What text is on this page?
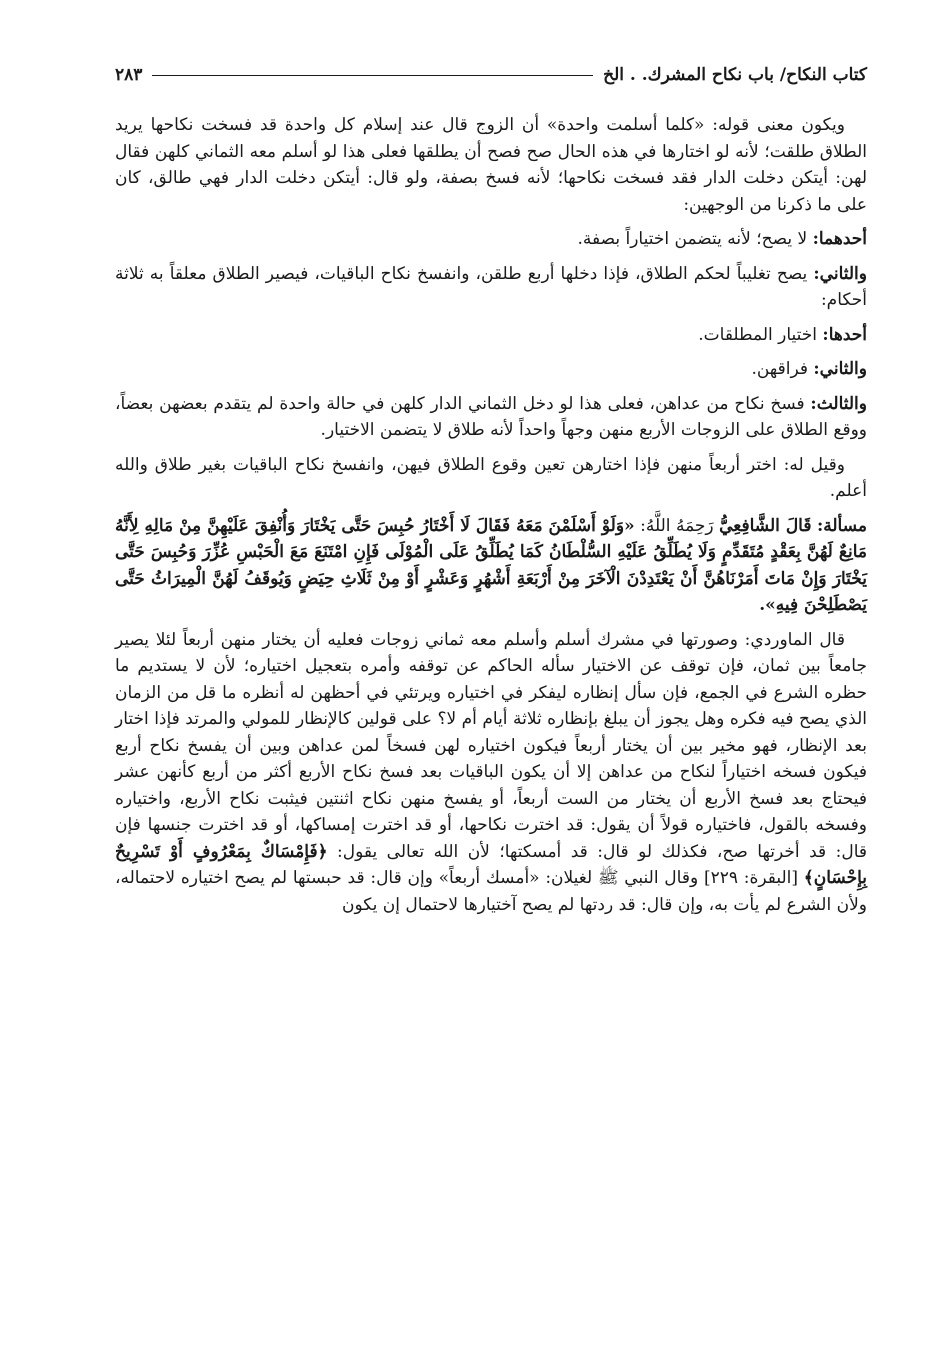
كتاب النكاح/ باب نكاح المشرك. . الخ
٢٨٣

ويكون معنى قوله: «كلما أسلمت واحدة» أن الزوج قال عند إسلام كل واحدة قد فسخت نكاحها يريد الطلاق طلقت؛ لأنه لو اختارها في هذه الحال صح فصح أن يطلقها فعلى هذا لو أسلم معه الثماني كلهن فقال لهن: أيتكن دخلت الدار فقد فسخت نكاحها؛ لأنه فسخ بصفة، ولو قال: أيتكن دخلت الدار فهي طالق، كان على ما ذكرنا من الوجهين:

أحدهما: لا يصح؛ لأنه يتضمن اختياراً بصفة.

والثاني: يصح تغليباً لحكم الطلاق، فإذا دخلها أربع طلقن، وانفسخ نكاح الباقيات، فيصير الطلاق معلقاً به ثلاثة أحكام:

أحدها: اختيار المطلقات.

والثاني: فراقهن.

والثالث: فسخ نكاح من عداهن، فعلى هذا لو دخل الثماني الدار كلهن في حالة واحدة لم يتقدم بعضهن بعضاً، ووقع الطلاق على الزوجات الأربع منهن وجهاً واحداً لأنه طلاق لا يتضمن الاختيار.

وقيل له: اختر أربعاً منهن فإذا اختارهن تعين وقوع الطلاق فيهن، وانفسخ نكاح الباقيات بغير طلاق والله أعلم.

مسألة: قَالَ الشَّافِعِيُّ رَحِمَهُ اللَّهُ: «وَلَوْ أَسْلَمْنَ مَعَهُ فَقَالَ لَا أَخْتَارُ حُبِسَ حَتَّى يَخْتَارَ وَأُنْفِقَ عَلَيْهِنَّ مِنْ مَالِهِ لِأَنَّهُ مَانِعٌ لَهُنَّ بِعَقْدٍ مُتَقَدِّمٍ وَلَا يُطَلِّقُ عَلَيْهِ السُّلْطَانُ كَمَا يُطَلِّقُ عَلَى الْمُوْلَى فَإِنِ امْتَنَعَ مَعَ الْحَبْسِ عُزِّرَ وَحُبِسَ حَتَّى يَخْتَارَ وَإِنْ مَاتَ أَمَرْنَاهُنَّ أَنْ يَعْتَدِدْنَ الْآخَرَ مِنْ أَرْبَعَةِ أَشْهُرٍ وَعَشْرٍ أَوْ مِنْ ثَلَاثِ حِيَضٍ وَيُوقَفُ لَهُنَّ الْمِيرَاثُ حَتَّى يَصْطَلِحْنَ فِيهِ».

قال الماوردي: وصورتها في مشرك أسلم وأسلم معه ثماني زوجات فعليه أن يختار منهن أربعاً لئلا يصير جامعاً بين ثمان، فإن توقف عن الاختيار سأله الحاكم عن توقفه وأمره بتعجيل اختياره؛ لأن لا يستديم ما حظره الشرع في الجمع، فإن سأل إنظاره ليفكر في اختياره ويرتئي في أحظهن له أنظره ما قل من الزمان الذي يصح فيه فكره وهل يجوز أن يبلغ بإنظاره ثلاثة أيام أم لا؟ على قولين كالإنظار للمولي والمرتد فإذا اختار بعد الإنظار، فهو مخير بين أن يختار أربعاً فيكون اختياره لهن فسخاً لمن عداهن وبين أن يفسخ نكاح أربع فيكون فسخه اختياراً لنكاح من عداهن إلا أن يكون الباقيات بعد فسخ نكاح الأربع أكثر من أربع كأنهن عشر فيحتاج بعد فسخ الأربع أن يختار من الست أربعاً، أو يفسخ منهن نكاح اثنتين فيثبت نكاح الأربع، واختياره وفسخه بالقول، فاختياره قولاً أن يقول: قد اخترت نكاحها، أو قد اخترت إمساكها، أو قد اخترت جنسها فإن قال: قد أخرتها صح، فكذلك لو قال: قد أمسكتها؛ لأن الله تعالى يقول: ﴿فَإِمْسَاكٌ بِمَعْرُوفٍ أَوْ تَسْرِيحٌ بِإِحْسَانٍ﴾ [البقرة: ٢٢٩] وقال النبي ﷺ لغيلان: «أمسك أربعاً» وإن قال: قد حبستها لم يصح اختياره لاحتماله، ولأن الشرع لم يأت به، وإن قال: قد ردتها لم يصح آختيارها لاحتمال إن يكون
